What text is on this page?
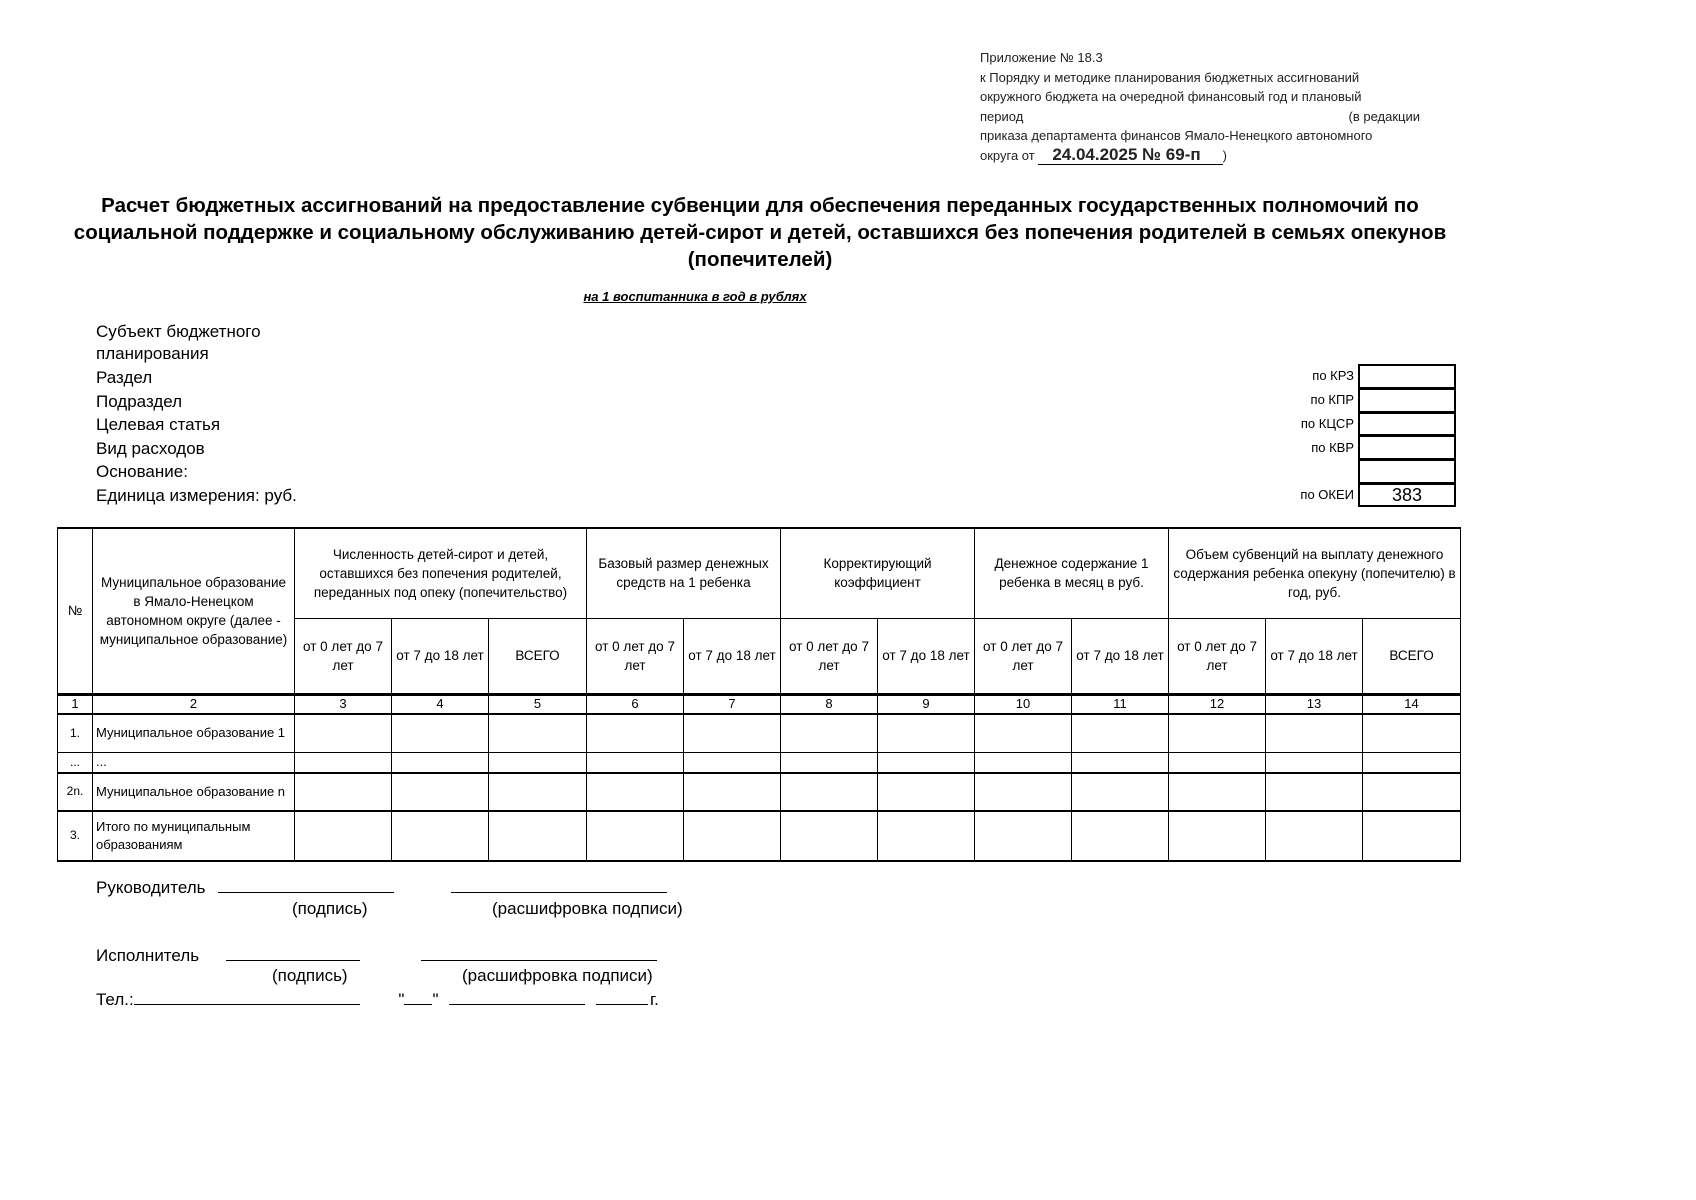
Приложение № 18.3
к Порядку и методике планирования бюджетных ассигнований
окружного бюджета на очередной финансовый год и плановый
период	(в редакции
приказа департамента финансов Ямало-Ненецкого автономного
округа от 24.04.2025 № 69-п )
Расчет бюджетных ассигнований на предоставление субвенции для обеспечения переданных государственных полномочий по социальной поддержке и социальному обслуживанию детей-сирот и детей, оставшихся без попечения родителей в семьях опекунов (попечителей)
на 1 воспитанника в год в рублях
Субъект бюджетного планирования
Раздел
Подраздел
Целевая статья
Вид расходов
Основание:
Единица измерения: руб.
по КРЗ
по КПР
по КЦСР
по КВР
по ОКЕИ	383
№	Муниципальное образование в Ямало-Ненецком автономном округе (далее - муниципальное образование)	Численность детей-сирот и детей, оставшихся без попечения родителей, переданных под опеку (попечительство)			Базовый размер денежных средств на 1 ребенка		Корректирующий коэффициент		Денежное содержание 1 ребенка в месяц в руб.		Объем субвенций на выплату денежного содержания ребенка опекуну (попечителю) в год, руб.		
		от 0 лет до 7 лет	от 7 до 18 лет	ВСЕГО	от 0 лет до 7 лет	от 7 до 18 лет	от 0 лет до 7 лет	от 7 до 18 лет	от 0 лет до 7 лет	от 7 до 18 лет	от 0 лет до 7 лет	от 7 до 18 лет	ВСЕГО
1	2	3	4	5	6	7	8	9	10	11	12	13	14
1.	Муниципальное образование 1												
...	...												
2n.	Муниципальное образование n												
3.	Итого по муниципальным образованиям												
Руководитель
(подпись)	(расшифровка подписи)
Исполнитель
(подпись)	(расшифровка подписи)
Тел.:	" "	г.
